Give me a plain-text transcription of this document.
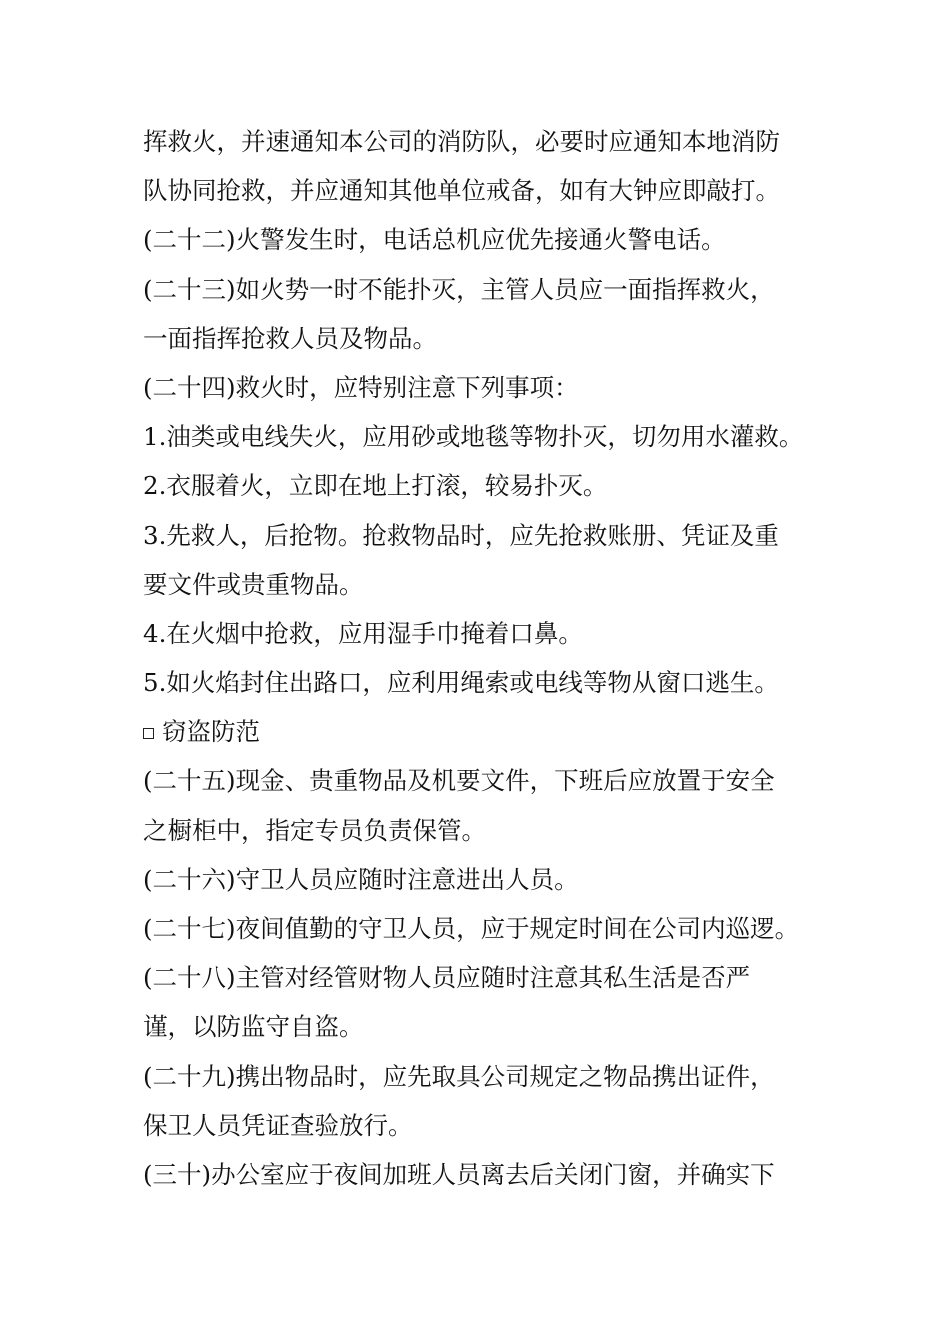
挥救火，并速通知本公司的消防队，必要时应通知本地消防
队协同抢救，并应通知其他单位戒备，如有大钟应即敲打。
(二十二)火警发生时，电话总机应优先接通火警电话。
(二十三)如火势一时不能扑灭，主管人员应一面指挥救火，
一面指挥抢救人员及物品。
(二十四)救火时，应特别注意下列事项：
1.油类或电线失火，应用砂或地毯等物扑灭，切勿用水灌救。
2.衣服着火，立即在地上打滚，较易扑灭。
3.先救人，后抢物。抢救物品时，应先抢救账册、凭证及重
要文件或贵重物品。
4.在火烟中抢救，应用湿手巾掩着口鼻。
5.如火焰封住出路口，应利用绳索或电线等物从窗口逃生。
窃盗防范
(二十五)现金、贵重物品及机要文件，下班后应放置于安全
之橱柜中，指定专员负责保管。
(二十六)守卫人员应随时注意进出人员。
(二十七)夜间值勤的守卫人员，应于规定时间在公司内巡逻。
(二十八)主管对经管财物人员应随时注意其私生活是否严
谨，以防监守自盗。
(二十九)携出物品时，应先取具公司规定之物品携出证件，
保卫人员凭证查验放行。
(三十)办公室应于夜间加班人员离去后关闭门窗，并确实下
